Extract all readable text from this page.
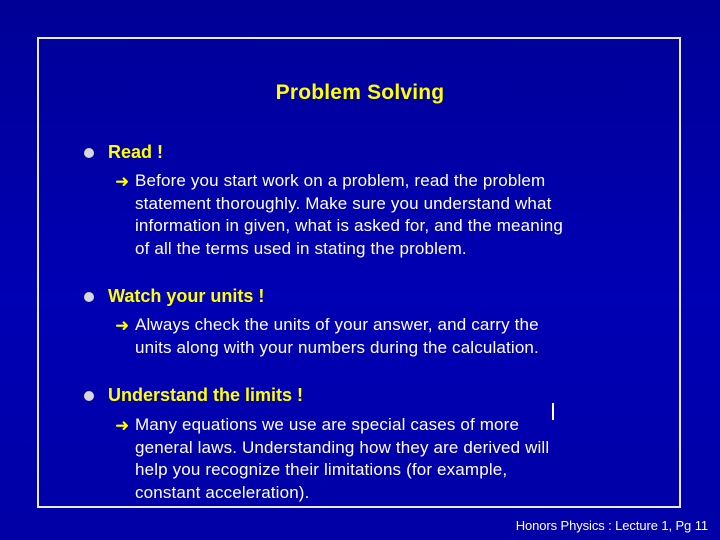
Problem Solving
Read !
➜ Before you start work on a problem, read the problem
statement thoroughly. Make sure you understand what
information in given, what is asked for, and the meaning
of all the terms used in stating the problem.
Watch your units !
➜ Always check the units of your answer, and carry the
units along with your numbers during the calculation.
Understand the limits !
➜ Many equations we use are special cases of more
general laws. Understanding how they are derived will
help you recognize their limitations (for example,
constant acceleration).
Honors Physics : Lecture 1, Pg 11
